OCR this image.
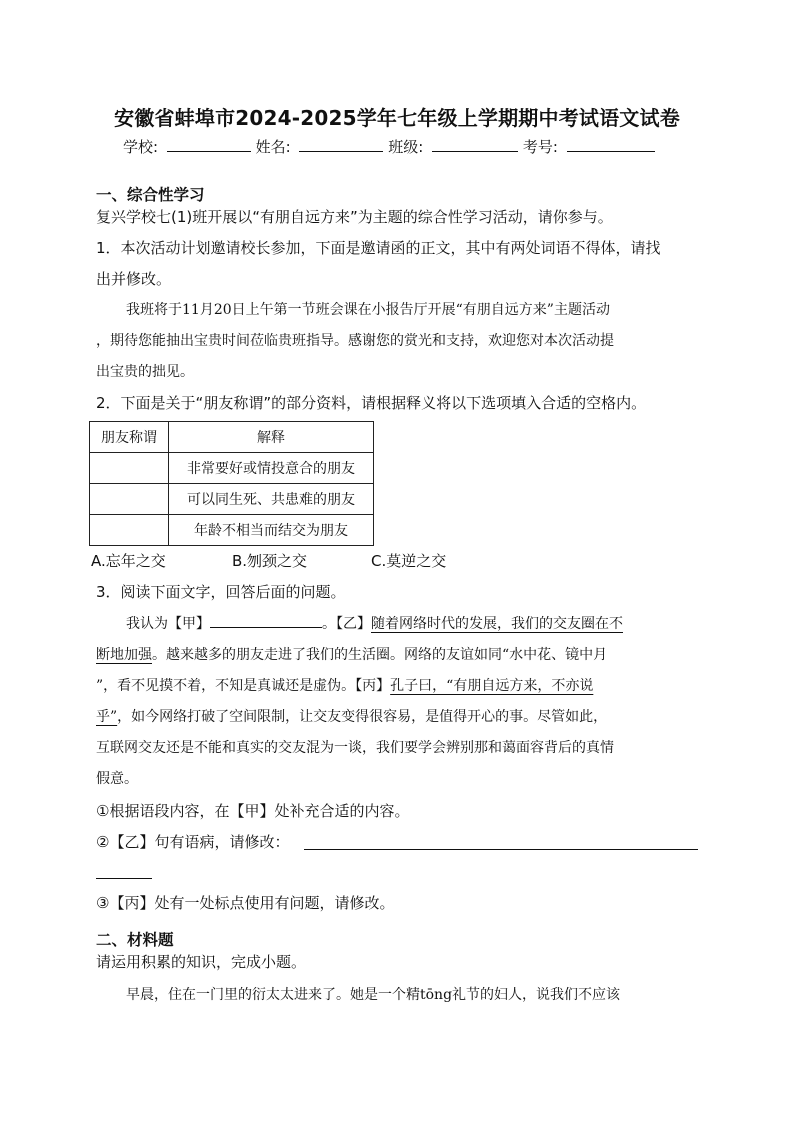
安徽省蚌埠市2024-2025学年七年级上学期期中考试语文试卷
学校:	姓名:	班级:	考号:
一、综合性学习
复兴学校七(1)班开展以“有朋自远方来”为主题的综合性学习活动，请你参与。
1．本次活动计划邀请校长参加，下面是邀请函的正文，其中有两处词语不得体，请找
出并修改。
我班将于11月20日上午第一节班会课在小报告厅开展“有朋自远方来”主题活动
，期待您能抽出宝贵时间莅临贵班指导。感谢您的赏光和支持，欢迎您对本次活动提
出宝贵的拙见。
2．下面是关于“朋友称谓”的部分资料，请根据释义将以下选项填入合适的空格内。
朋友称谓	解释
	非常要好或情投意合的朋友
	可以同生死、共患难的朋友
	年龄不相当而结交为朋友
A.忘年之交	B.刎颈之交	C.莫逆之交
3．阅读下面文字，回答后面的问题。
我认为【甲】	。【乙】随着网络时代的发展，我们的交友圈在不
断地加强。越来越多的朋友走进了我们的生活圈。网络的友谊如同“水中花、镜中月
”，看不见摸不着，不知是真诚还是虚伪。【丙】孔子曰，“有朋自远方来，不亦说
乎”，如今网络打破了空间限制，让交友变得很容易，是值得开心的事。尽管如此，
互联网交友还是不能和真实的交友混为一谈，我们要学会辨别那和蔼面容背后的真情
假意。
①根据语段内容，在【甲】处补充合适的内容。
②【乙】句有语病，请修改：
③【丙】处有一处标点使用有问题，请修改。
二、材料题
请运用积累的知识，完成小题。
早晨，住在一门里的衍太太进来了。她是一个精tōng礼节的妇人，说我们不应该
